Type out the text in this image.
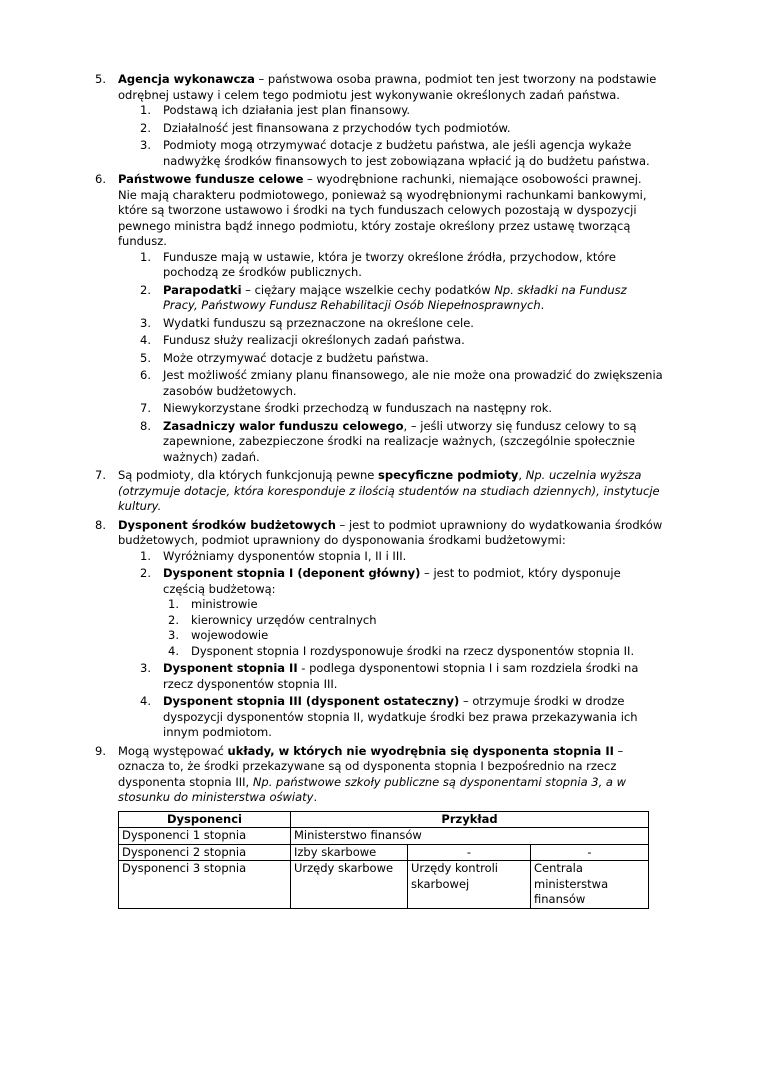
5.	Agencja wykonawcza – państwowa osoba prawna, podmiot ten jest tworzony na podstawie odrębnej ustawy i celem tego podmiotu jest wykonywanie określonych zadań państwa.
1.	Podstawą ich działania jest plan finansowy.
2.	Działalność jest finansowana z przychodów tych podmiotów.
3.	Podmioty mogą otrzymywać dotacje z budżetu państwa, ale jeśli agencja wykaże nadwyżkę środków finansowych to jest zobowiązana wpłacić ją do budżetu państwa.
6.	Państwowe fundusze celowe – wyodrębnione rachunki, niemające osobowości prawnej. Nie mają charakteru podmiotowego, ponieważ są wyodrębnionymi rachunkami bankowymi, które są tworzone ustawowo i środki na tych funduszach celowych pozostają w dyspozycji pewnego ministra bądź innego podmiotu, który zostaje określony przez ustawę tworzącą fundusz.
1.	Fundusze mają w ustawie, która je tworzy określone źródła, przychodow, które pochodzą ze środków publicznych.
2.	Parapodatki – ciężary mające wszelkie cechy podatków Np. składki na Fundusz Pracy, Państwowy Fundusz Rehabilitacji Osób Niepełnosprawnych.
3.	Wydatki funduszu są przeznaczone na określone cele.
4.	Fundusz służy realizacji określonych zadań państwa.
5.	Może otrzymywać dotacje z budżetu państwa.
6.	Jest możliwość zmiany planu finansowego, ale nie może ona prowadzić do zwiększenia zasobów budżetowych.
7.	Niewykorzystane środki przechodzą w funduszach na następny rok.
8.	Zasadniczy walor funduszu celowego, – jeśli utworzy się fundusz celowy to są zapewnione, zabezpieczone środki na realizacje ważnych, (szczególnie społecznie ważnych) zadań.
7.	Są podmioty, dla których funkcjonują pewne specyficzne podmioty, Np. uczelnia wyższa (otrzymuje dotacje, która koresponduje z ilością studentów na studiach dziennych), instytucje kultury.
8.	Dysponent środków budżetowych – jest to podmiot uprawniony do wydatkowania środków budżetowych, podmiot uprawniony do dysponowania środkami budżetowymi:
1.	Wyróżniamy dysponentów stopnia I, II i III.
2.	Dysponent stopnia I (deponent główny) – jest to podmiot, który dysponuje częścią budżetową:
1.	ministrowie
2.	kierownicy urzędów centralnych
3.	wojewodowie
4.	Dysponent stopnia I rozdysponowuje środki na rzecz dysponentów stopnia II.
3.	Dysponent stopnia II - podlega dysponentowi stopnia I i sam rozdziela środki na rzecz dysponentów stopnia III.
4.	Dysponent stopnia III (dysponent ostateczny) – otrzymuje środki w drodze dyspozycji dysponentów stopnia II, wydatkuje środki bez prawa przekazywania ich innym podmiotom.
9.	Mogą występować układy, w których nie wyodrębnia się dysponenta stopnia II – oznacza to, że środki przekazywane są od dysponenta stopnia I bezpośrednio na rzecz dysponenta stopnia III, Np. państwowe szkoły publiczne są dysponentami stopnia 3, a w stosunku do ministerstwa oświaty.
Dysponenci	Przykład		
Dysponenci 1 stopnia	Ministerstwo finansów		
Dysponenci 2 stopnia	Izby skarbowe	-	-
Dysponenci 3 stopnia	Urzędy skarbowe	Urzędy kontroli skarbowej	Centrala ministerstwa finansów
